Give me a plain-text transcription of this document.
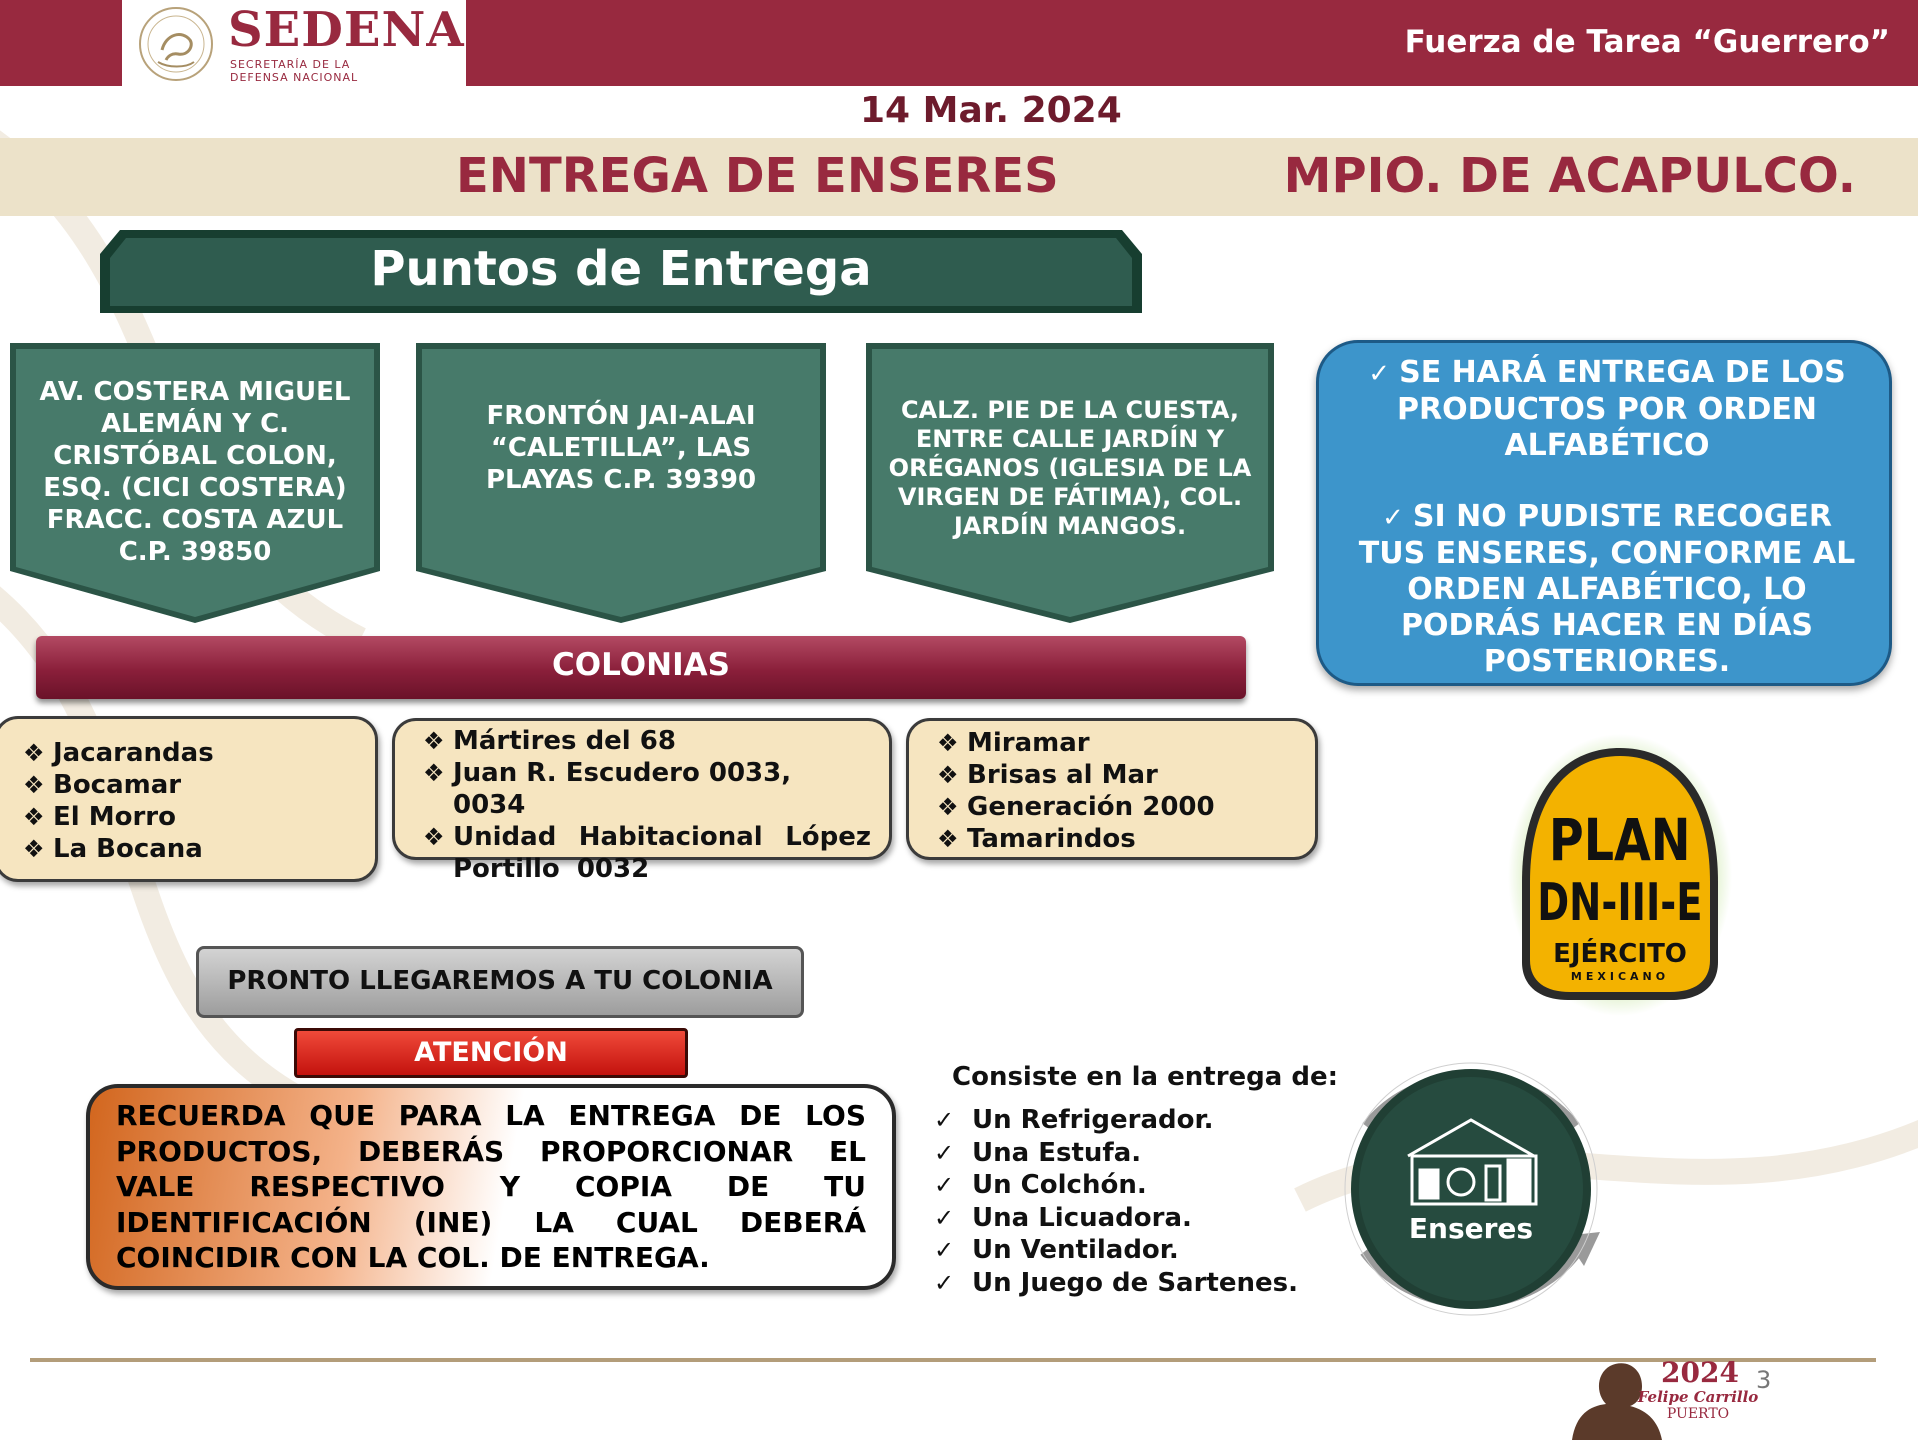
SEDENA
SECRETARÍA DE LA DEFENSA NACIONAL
Fuerza de Tarea “Guerrero”
14 Mar. 2024
ENTREGA DE ENSERES	MPIO. DE ACAPULCO.
Puntos de Entrega
AV. COSTERA MIGUEL ALEMÁN Y C. CRISTÓBAL COLON, ESQ. (CICI COSTERA) FRACC. COSTA AZUL C.P. 39850
FRONTÓN JAI-ALAI “CALETILLA”, LAS PLAYAS C.P. 39390
CALZ. PIE DE LA CUESTA, ENTRE CALLE JARDÍN Y ORÉGANOS (IGLESIA DE LA VIRGEN DE FÁTIMA), COL. JARDÍN MANGOS.
COLONIAS
❖ Jacarandas
❖ Bocamar
❖ El Morro
❖ La Bocana
❖ Mártires del 68
❖ Juan R. Escudero 0033, 0034
❖ Unidad Habitacional López Portillo 0032
❖ Miramar
❖ Brisas al Mar
❖ Generación 2000
❖ Tamarindos
✓ SE HARÁ ENTREGA DE LOS PRODUCTOS POR ORDEN ALFABÉTICO
✓ SI NO PUDISTE RECOGER TUS ENSERES, CONFORME AL ORDEN ALFABÉTICO, LO PODRÁS HACER EN DÍAS POSTERIORES.
PLAN
DN-III-E
EJÉRCITO
MEXICANO
PRONTO LLEGAREMOS A TU COLONIA
ATENCIÓN
RECUERDA QUE PARA LA ENTREGA DE LOS PRODUCTOS, DEBERÁS PROPORCIONAR EL VALE RESPECTIVO Y COPIA DE TU IDENTIFICACIÓN (INE) LA CUAL DEBERÁ
COINCIDIR CON LA COL. DE ENTREGA.
Consiste en la entrega de:
✓ Un Refrigerador.
✓ Una Estufa.
✓ Un Colchón.
✓ Una Licuadora.
✓ Un Ventilador.
✓ Un Juego de Sartenes.
Enseres
2024
Felipe Carrillo
PUERTO
3
